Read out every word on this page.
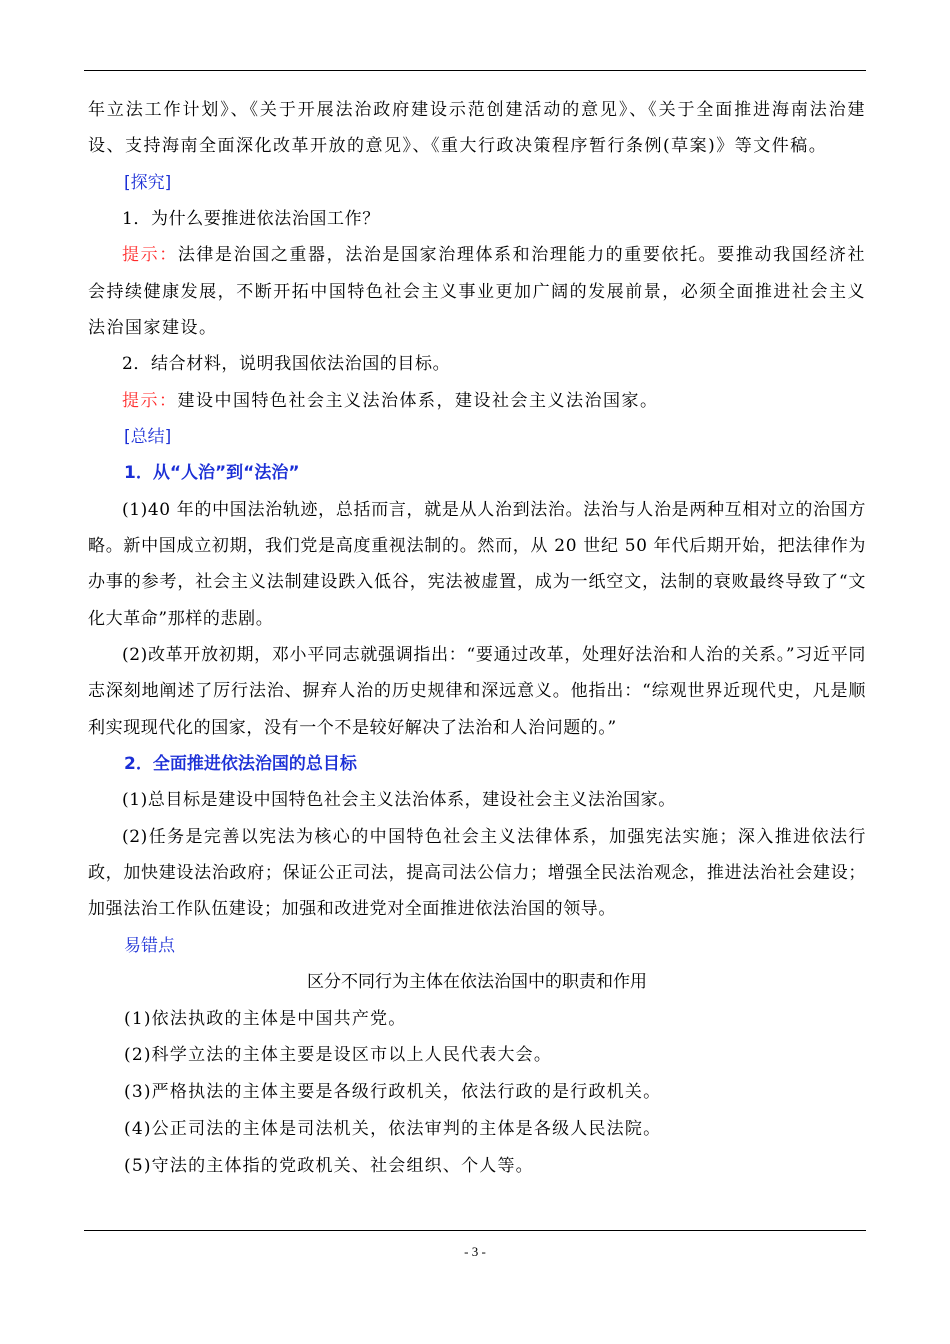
年立法工作计划》、《关于开展法治政府建设示范创建活动的意见》、《关于全面推进海南法治建设、支持海南全面深化改革开放的意见》、《重大行政决策程序暂行条例(草案)》等文件稿。

[探究]

1．为什么要推进依法治国工作？

提示：法律是治国之重器，法治是国家治理体系和治理能力的重要依托。要推动我国经济社会持续健康发展，不断开拓中国特色社会主义事业更加广阔的发展前景，必须全面推进社会主义法治国家建设。

2．结合材料，说明我国依法治国的目标。

提示：建设中国特色社会主义法治体系，建设社会主义法治国家。

[总结]

1．从“人治”到“法治”

(1)40 年的中国法治轨迹，总括而言，就是从人治到法治。法治与人治是两种互相对立的治国方略。新中国成立初期，我们党是高度重视法制的。然而，从 20 世纪 50 年代后期开始，把法律作为办事的参考，社会主义法制建设跌入低谷，宪法被虚置，成为一纸空文，法制的衰败最终导致了“文化大革命”那样的悲剧。

(2)改革开放初期，邓小平同志就强调指出：“要通过改革，处理好法治和人治的关系。”习近平同志深刻地阐述了厉行法治、摒弃人治的历史规律和深远意义。他指出：“综观世界近现代史，凡是顺利实现现代化的国家，没有一个不是较好解决了法治和人治问题的。”

2．全面推进依法治国的总目标

(1)总目标是建设中国特色社会主义法治体系，建设社会主义法治国家。

(2)任务是完善以宪法为核心的中国特色社会主义法律体系，加强宪法实施；深入推进依法行政，加快建设法治政府；保证公正司法，提高司法公信力；增强全民法治观念，推进法治社会建设；加强法治工作队伍建设；加强和改进党对全面推进依法治国的领导。

易错点

区分不同行为主体在依法治国中的职责和作用

(1)依法执政的主体是中国共产党。

(2)科学立法的主体主要是设区市以上人民代表大会。

(3)严格执法的主体主要是各级行政机关，依法行政的是行政机关。

(4)公正司法的主体是司法机关，依法审判的主体是各级人民法院。

(5)守法的主体指的党政机关、社会组织、个人等。

- 3 -
